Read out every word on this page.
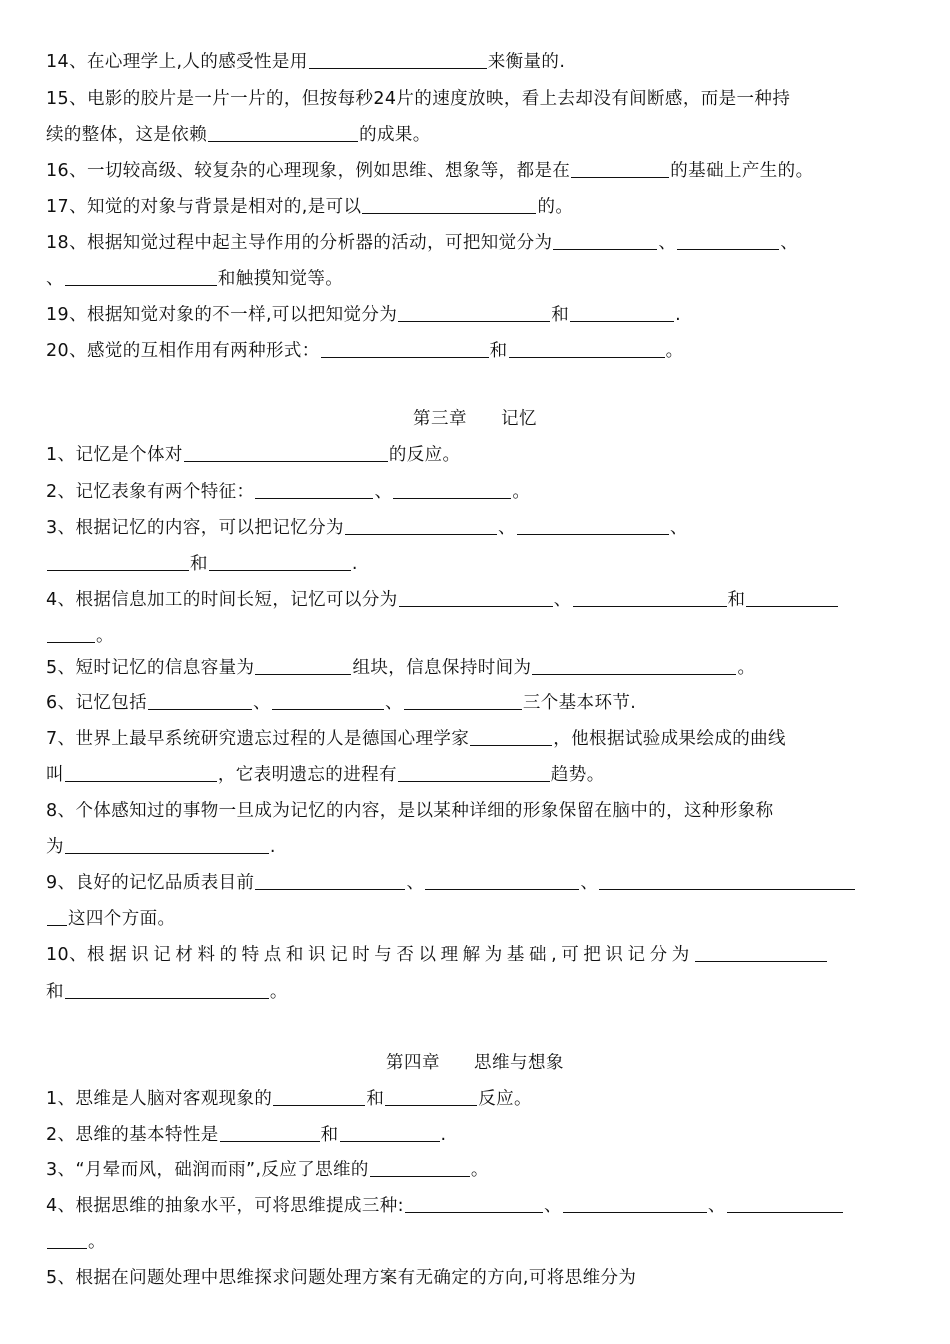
14、在心理学上,人的感受性是用	来衡量的.
15、电影的胶片是一片一片的，但按每秒24片的速度放映，看上去却没有间断感，而是一种持
续的整体，这是依赖	的成果。
16、一切较高级、较复杂的心理现象，例如思维、想象等，都是在	的基础上产生的。
17、知觉的对象与背景是相对的,是可以	的。
18、根据知觉过程中起主导作用的分析器的活动，可把知觉分为	、	、
、	和触摸知觉等。
19、根据知觉对象的不一样,可以把知觉分为	和	.
20、感觉的互相作用有两种形式：	和	。
第三章 记忆
1、记忆是个体对	的反应。
2、记忆表象有两个特征：	、	。
3、根据记忆的内容，可以把记忆分为	、	、
和	.
4、根据信息加工的时间长短，记忆可以分为	、	和
。
5、短时记忆的信息容量为	组块，信息保持时间为	。
6、记忆包括	、	、	三个基本环节.
7、世界上最早系统研究遗忘过程的人是德国心理学家	，他根据试验成果绘成的曲线
叫	，它表明遗忘的进程有	趋势。
8、个体感知过的事物一旦成为记忆的内容，是以某种详细的形象保留在脑中的，这种形象称
为	.
9、良好的记忆品质表目前	、	、
这四个方面。
10、根据识记材料的特点和识记时与否以理解为基础,可把识记分为
和	。
第四章 思维与想象
1、思维是人脑对客观现象的	和	反应。
2、思维的基本特性是	和	.
3、“月晕而风，础润而雨”,反应了思维的	。
4、根据思维的抽象水平，可将思维提成三种:	、	、
。
5、根据在问题处理中思维探求问题处理方案有无确定的方向,可将思维分为
